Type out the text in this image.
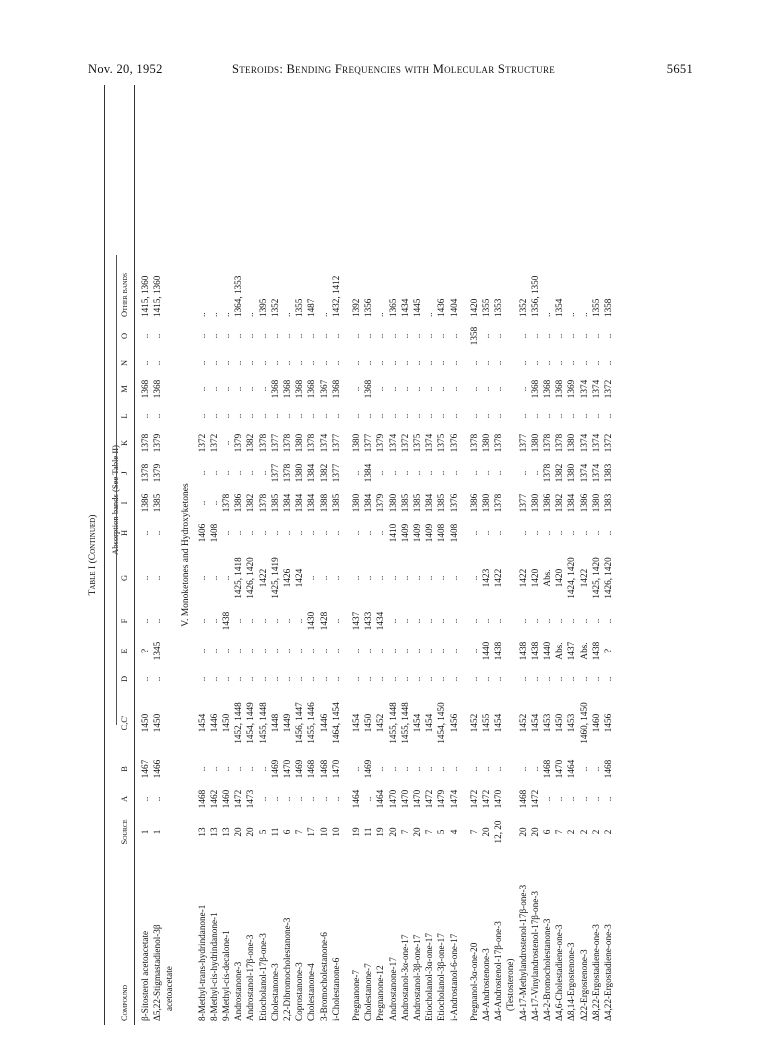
Nov. 20, 1952	Steroids: Bending Frequencies with Molecular Structure	5651
Table I (Continued)
Absorption bands (See Table II)
Compound
Source
A
B
C,C'
D
E
F
G
H
I
J
K
L
M
N
O
Other bands
β-Sitosterol acetoacetate
1
..
1467
1450
..
?
..
..
..
1386
1378
1378
..
1368
..
..
1415, 1360
Δ5,22-Stigmastadienol-3β
1
..
1466
1450
..
1345
..
..
..
1385
1379
1379
..
1368
..
..
1415, 1360
acetoacetate
V. Monoketones and Hydroxyketones
8-Methyl-trans-hydrindanone-1
13
1468
..
1454
..
..
..
..
1406
..
..
1372
..
..
..
..
..
8-Methyl-cis-hydrindanone-1
13
1462
..
1446
..
..
..
..
1408
..
..
1372
..
..
..
..
..
9-Methyl-cis-decalone-1
13
1460
..
1450
..
..
1438
..
..
1378
..
..
..
..
..
..
..
Androstanone-3
20
1472
..
1452, 1448
..
..
..
1425, 1418
..
1386
..
1379
..
..
..
..
1364, 1353
Androstanol-17β-one-3
20
1473
..
1454, 1449
..
..
..
1426, 1420
..
1382
..
1382
..
..
..
..
..
Etiocholanol-17β-one-3
5
..
..
1455, 1448
..
..
..
1422
..
1378
..
1378
..
..
..
..
1395
Cholestanone-3
11
..
1469
1448
..
..
..
1425, 1419
..
1385
1377
1377
..
1368
..
..
1352
2,2-Dibromocholestanone-3
6
..
1470
1449
..
..
..
1426
..
1384
1378
1378
..
1368
..
..
..
Coprostanone-3
7
..
1469
1456, 1447
..
..
..
1424
..
1384
1380
1380
..
1368
..
..
1355
Cholestanone-4
17
..
1468
1455, 1446
..
..
1430
..
..
1384
1384
1378
..
1368
..
..
1487
3-Bromocholestanone-6
10
..
1468
1446
..
..
1428
..
..
1388
1382
1374
..
1367
..
..
..
i-Cholestanone-6
10
..
1470
1464, 1454
..
..
..
..
..
1385
1377
1377
..
1368
..
..
1432, 1412
Pregnanone-7
19
1464
..
1454
..
..
1437
..
..
1380
..
1380
..
..
..
..
1392
Cholestanone-7
11
..
1469
1450
..
..
1433
..
..
1384
1384
1377
..
1368
..
..
1356
Pregnanone-12
19
1464
..
1452
..
..
1434
..
..
1379
..
1379
..
..
..
..
..
Androstanone-17
20
1470
..
1455, 1448
..
..
..
..
1410
1380
..
1374
..
..
..
..
1365
Androstanol-3α-one-17
7
1470
..
1455, 1448
..
..
..
..
1409
1385
..
1372
..
..
..
..
1434
Androstanol-3β-one-17
20
1470
..
1454
..
..
..
..
1409
1385
..
1375
..
..
..
..
1445
Etiocholanol-3α-one-17
7
1472
..
1454
..
..
..
..
1409
1384
..
1374
..
..
..
..
..
Etiocholanol-3β-one-17
5
1479
..
1454, 1450
..
..
..
..
1408
1385
..
1375
..
..
..
..
1436
i-Androstanol-6-one-17
4
1474
..
1456
..
..
..
..
1408
1376
..
1376
..
..
..
..
1404
Pregnanol-3α-one-20
7
1472
..
1452
..
..
..
..
..
1386
..
1378
..
..
..
1358
1420
Δ4-Androstenone-3
20
1472
..
1455
..
1440
..
1423
..
1380
..
1380
..
..
..
..
1355
Δ4-Androstenol-17β-one-3
12, 20
1470
..
1454
..
1438
..
1422
..
1378
..
1378
..
..
..
..
1353
(Testosterone) Δ4-17-Methylandrostenol-17β-one-3
20
1468
..
1452
..
1438
..
1422
..
1377
..
1377
..
..
..
..
1352
Δ4-17-Vinylandrostenol-17β-one-3
20
1472
..
1454
..
1438
..
1420
..
1380
..
1380
..
1368
..
..
1356, 1350
Δ4-2-Bromocholestanone-3
6
..
1468
1453
..
1440
..
Abs.
..
1386
1378
1378
..
1368
..
..
..
Δ4,6-Cholestadiene-one-3
7
..
1470
1450
..
Abs.
..
1420
..
1382
1382
1378
..
1368
..
..
1354
Δ8,14-Ergostenone-3
2
..
1464
1453
..
1437
..
1424, 1420
..
1384
1380
1380
..
1369
..
..
..
Δ22-Ergostenone-3
2
..
..
1460, 1450
..
Abs.
..
1422
..
1386
1374
1374
..
1374
..
..
..
Δ8,22-Ergostadiene-one-3
2
..
..
1460
..
1438
..
1425, 1420
..
1380
1374
1374
..
1374
..
..
1355
Δ4,22-Ergostadiene-one-3
2
..
1468
1456
..
?
..
1426, 1420
..
1383
1383
1372
..
1372
..
..
1358
